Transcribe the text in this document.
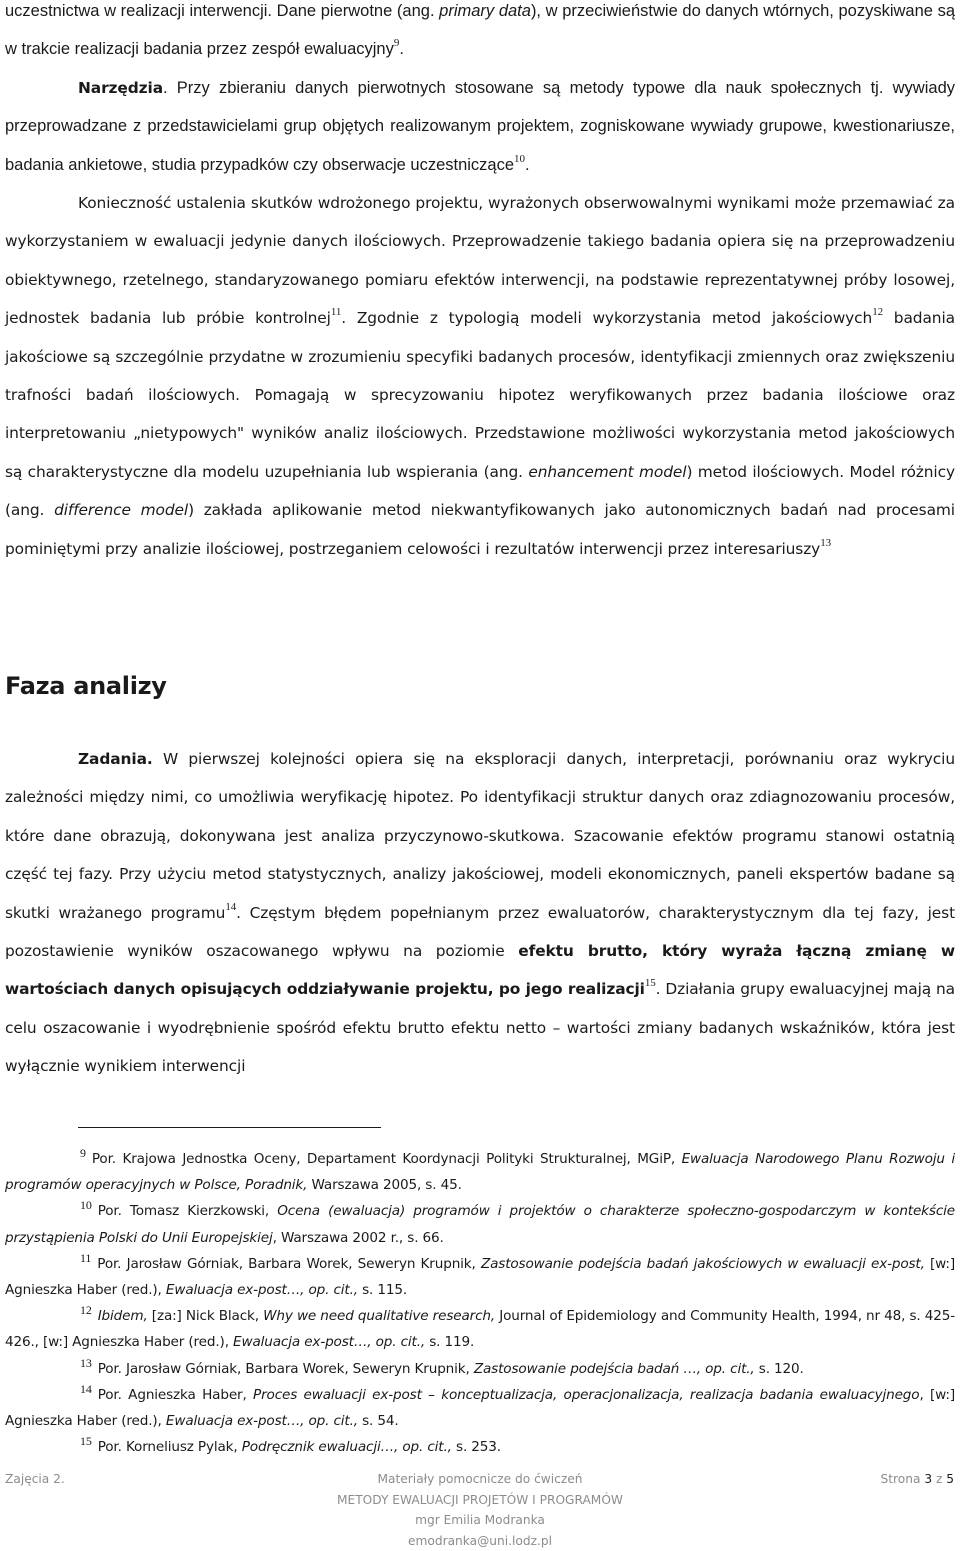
uczestnictwa w realizacji interwencji. Dane pierwotne (ang. primary data), w przeciwieństwie do danych wtórnych, pozyskiwane są w trakcie realizacji badania przez zespół ewaluacyjny$^9$.

Narzędzia. Przy zbieraniu danych pierwotnych stosowane są metody typowe dla nauk społecznych tj. wywiady przeprowadzane z przedstawicielami grup objętych realizowanym projektem, zogniskowane wywiady grupowe, kwestionariusze, badania ankietowe, studia przypadków czy obserwacje uczestniczące$^{10}$.

Konieczność ustalenia skutków wdrożonego projektu, wyrażonych obserwowalnymi wynikami może przemawiać za wykorzystaniem w ewaluacji jedynie danych ilościowych. Przeprowadzenie takiego badania opiera się na przeprowadzeniu obiektywnego, rzetelnego, standaryzowanego pomiaru efektów interwencji, na podstawie reprezentatywnej próby losowej, jednostek badania lub próbie kontrolnej$^{11}$. Zgodnie z typologią modeli wykorzystania metod jakościowych$^{12}$ badania jakościowe są szczególnie przydatne w zrozumieniu specyfiki badanych procesów, identyfikacji zmiennych oraz zwiększeniu trafności badań ilościowych. Pomagają w sprecyzowaniu hipotez weryfikowanych przez badania ilościowe oraz interpretowaniu „nietypowych" wyników analiz ilościowych. Przedstawione możliwości wykorzystania metod jakościowych są charakterystyczne dla modelu uzupełniania lub wspierania (ang. enhancement model) metod ilościowych. Model różnicy (ang. difference model) zakłada aplikowanie metod niekwantyfikowanych jako autonomicznych badań nad procesami pominiętymi przy analizie ilościowej, postrzeganiem celowości i rezultatów interwencji przez interesariuszy$^{13}$

Faza analizy

Zadania. W pierwszej kolejności opiera się na eksploracji danych, interpretacji, porównaniu oraz wykryciu zależności między nimi, co umożliwia weryfikację hipotez. Po identyfikacji struktur danych oraz zdiagnozowaniu procesów, które dane obrazują, dokonywana jest analiza przyczynowo-skutkowa. Szacowanie efektów programu stanowi ostatnią część tej fazy. Przy użyciu metod statystycznych, analizy jakościowej, modeli ekonomicznych, paneli ekspertów badane są skutki wrażanego programu$^{14}$. Częstym błędem popełnianym przez ewaluatorów, charakterystycznym dla tej fazy, jest pozostawienie wyników oszacowanego wpływu na poziomie efektu brutto, który wyraża łączną zmianę w wartościach danych opisujących oddziaływanie projektu, po jego realizacji$^{15}$. Działania grupy ewaluacyjnej mają na celu oszacowanie i wyodrębnienie spośród efektu brutto efektu netto – wartości zmiany badanych wskaźników, która jest wyłącznie wynikiem interwencji

$^9$ Por. Krajowa Jednostka Oceny, Departament Koordynacji Polityki Strukturalnej, MGiP, Ewaluacja Narodowego Planu Rozwoju i programów operacyjnych w Polsce, Poradnik, Warszawa 2005, s. 45.

$^{10}$ Por. Tomasz Kierzkowski, Ocena (ewaluacja) programów i projektów o charakterze społeczno-gospodarczym w kontekście przystąpienia Polski do Unii Europejskiej, Warszawa 2002 r., s. 66.

$^{11}$ Por. Jarosław Górniak, Barbara Worek, Seweryn Krupnik, Zastosowanie podejścia badań jakościowych w ewaluacji ex-post, [w:] Agnieszka Haber (red.), Ewaluacja ex-post…, op. cit., s. 115.

$^{12}$ Ibidem, [za:] Nick Black, Why we need qualitative research, Journal of Epidemiology and Community Health, 1994, nr 48, s. 425-426., [w:] Agnieszka Haber (red.), Ewaluacja ex-post…, op. cit., s. 119.

$^{13}$ Por. Jarosław Górniak, Barbara Worek, Seweryn Krupnik, Zastosowanie podejścia badań …, op. cit., s. 120.

$^{14}$ Por. Agnieszka Haber, Proces ewaluacji ex-post – konceptualizacja, operacjonalizacja, realizacja badania ewaluacyjnego, [w:] Agnieszka Haber (red.), Ewaluacja ex-post…, op. cit., s. 54.

$^{15}$ Por. Korneliusz Pylak, Podręcznik ewaluacji…, op. cit., s. 253.

Zajęcia 2.	Materiały pomocnicze do ćwiczeń
METODY EWALUACJI PROJETÓW I PROGRAMÓW
mgr Emilia Modranka
emodranka@uni.lodz.pl
Strona 3 z 5
